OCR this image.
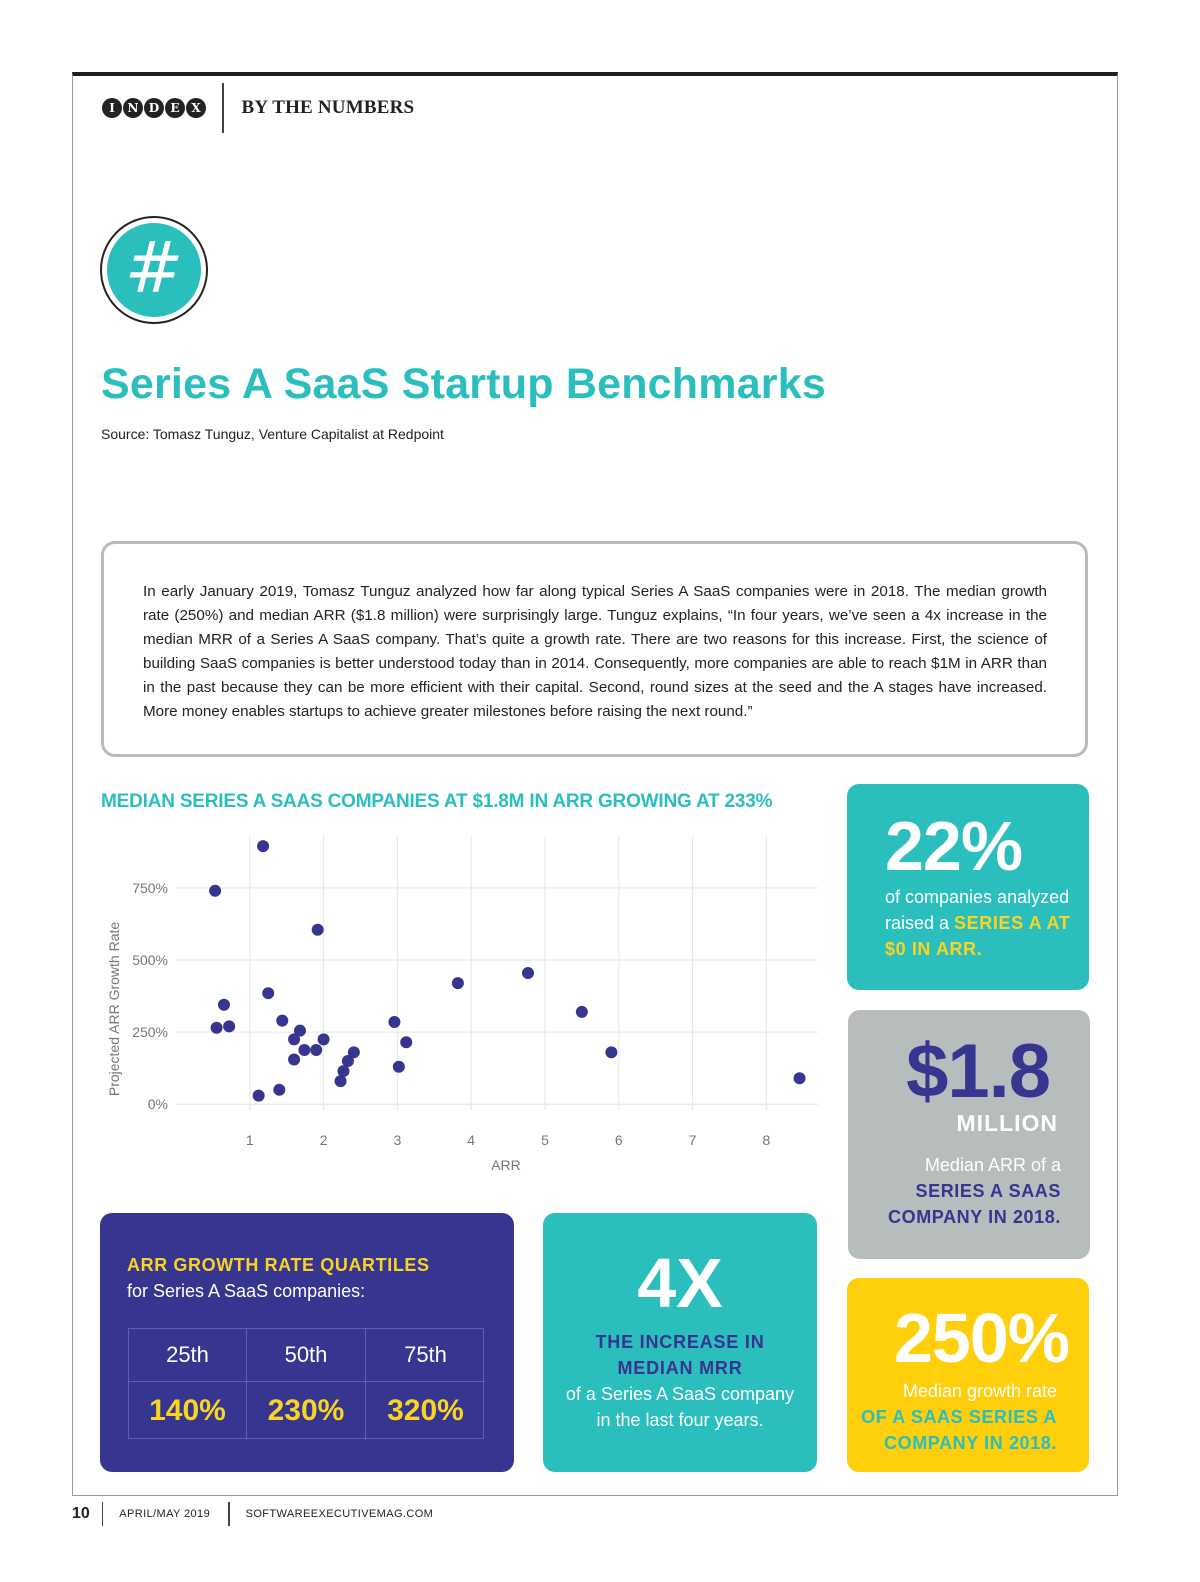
I	N D E X BY THE NUMBERS
#
Series A SaaS Startup Benchmarks
Source: Tomasz Tunguz, Venture Capitalist at Redpoint

In early January 2019, Tomasz Tunguz analyzed how far along typical Series A SaaS companies were in 2018. The median growth rate (250%) and median ARR ($1.8 million) were surprisingly large. Tunguz explains, “In four years, we’ve seen a 4x increase in the median MRR of a Series A SaaS company. That’s quite a growth rate. There are two reasons for this increase. First, the science of building SaaS companies is better understood today than in 2014. Consequently, more companies are able to reach $1M in ARR than in the past because they can be more efficient with their capital. Second, round sizes at the seed and the A stages have increased. More money enables startups to achieve greater milestones before raising the next round.”

MEDIAN SERIES A SAAS COMPANIES AT $1.8M IN ARR GROWING AT 233%
1	2	3	4	5	6	7	8
0%
250%
500%
750%
ARR
Projected ARR Growth Rate
22%
of companies analyzed
raised a SERIES A AT
$0 IN ARR.
$1.8
MILLION
Median ARR of a
SERIES A SAAS
COMPANY IN 2018.
250%
Median growth rate
OF A SAAS SERIES A
COMPANY IN 2018.
ARR GROWTH RATE QUARTILES
for Series A SaaS companies:
25th	50th	75th
140%	230%	320%
4X
THE INCREASE IN
MEDIAN MRR
of a Series A SaaS company
in the last four years.
10	APRIL/MAY 2019	SOFTWAREEXECUTIVEMAG.COM
